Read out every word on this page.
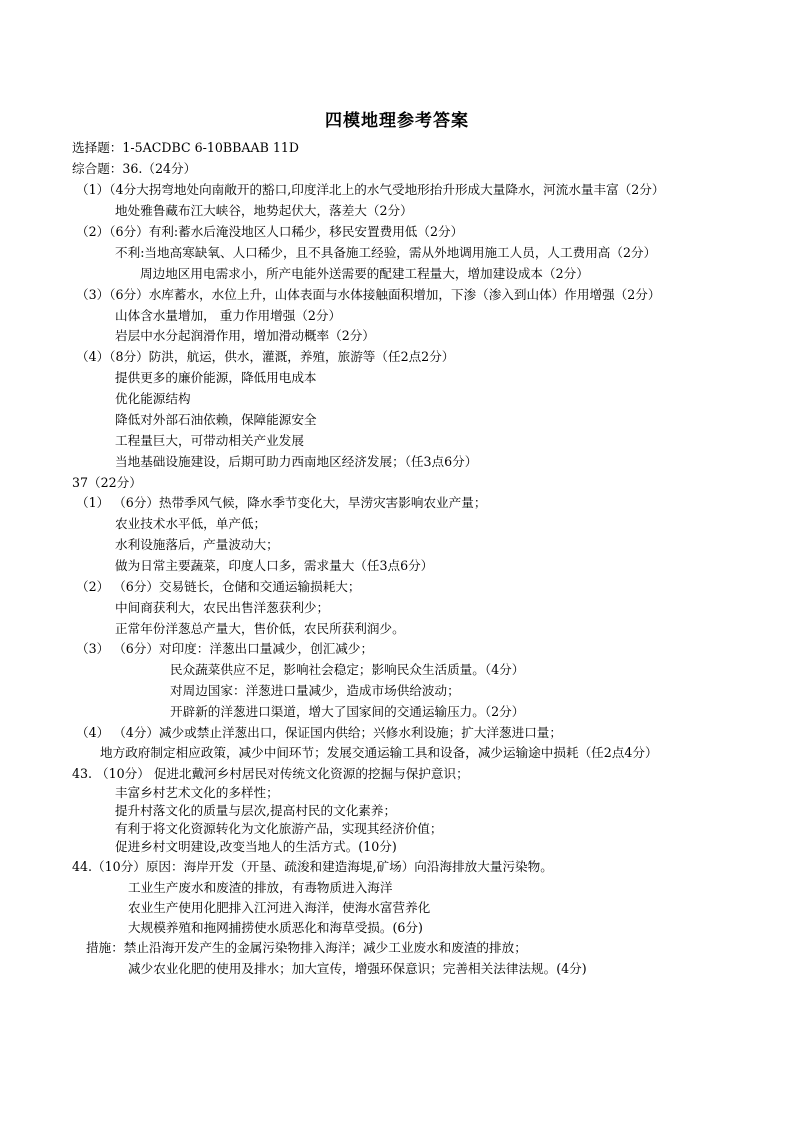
四模地理参考答案
选择题：1-5ACDBC 6-10BBAAB 11D
综合题：36.（24分）
（1）（4分大拐弯地处向南敞开的豁口,印度洋北上的水气受地形抬升形成大量降水，河流水量丰富（2分）
地处雅鲁藏布江大峡谷，地势起伏大，落差大（2分）
（2）（6分）有利:蓄水后淹没地区人口稀少，移民安置费用低（2分）
不利:当地高寒缺氧、人口稀少，且不具备施工经验，需从外地调用施工人员，人工费用高（2分）
周边地区用电需求小，所产电能外送需要的配建工程量大，增加建设成本（2分）
（3）（6分）水库蓄水，水位上升，山体表面与水体接触面积增加，下渗（渗入到山体）作用增强（2分）
山体含水量增加， 重力作用增强（2分）
岩层中水分起润滑作用，增加滑动概率（2分）
（4）（8分）防洪，航运，供水，灌溉，养殖，旅游等（任2点2分）
提供更多的廉价能源，降低用电成本
优化能源结构
降低对外部石油依赖，保障能源安全
工程量巨大，可带动相关产业发展
当地基础设施建设，后期可助力西南地区经济发展；（任3点6分）
37（22分）
（1） （6分）热带季风气候，降水季节变化大，旱涝灾害影响农业产量；
农业技术水平低，单产低；
水利设施落后，产量波动大；
做为日常主要蔬菜，印度人口多，需求量大（任3点6分）
（2） （6分）交易链长，仓储和交通运输损耗大；
中间商获利大，农民出售洋葱获利少；
正常年份洋葱总产量大，售价低，农民所获利润少。
（3） （6分）对印度：洋葱出口量减少，创汇减少；
民众蔬菜供应不足，影响社会稳定；影响民众生活质量。（4分）
对周边国家：洋葱进口量减少，造成市场供给波动；
开辟新的洋葱进口渠道，增大了国家间的交通运输压力。（2分）
（4） （4分）减少或禁止洋葱出口，保证国内供给；兴修水利设施；扩大洋葱进口量；
地方政府制定相应政策，减少中间环节；发展交通运输工具和设备，减少运输途中损耗（任2点4分）
43. （10分） 促进北戴河乡村居民对传统文化资源的挖掘与保护意识；
丰富乡村艺术文化的多样性；
提升村落文化的质量与层次,提高村民的文化素养；
有利于将文化资源转化为文化旅游产品，实现其经济价值；
促进乡村文明建设,改变当地人的生活方式。(10分)
44.（10分）原因：海岸开发（开垦、疏浚和建造海堤,矿场）向沿海排放大量污染物。
工业生产废水和废渣的排放，有毒物质进入海洋
农业生产使用化肥排入江河进入海洋，使海水富营养化
大规模养殖和拖网捕捞使水质恶化和海草受损。(6分)
措施：禁止沿海开发产生的金属污染物排入海洋；减少工业废水和废渣的排放；
减少农业化肥的使用及排水；加大宣传，增强环保意识；完善相关法律法规。(4分)
